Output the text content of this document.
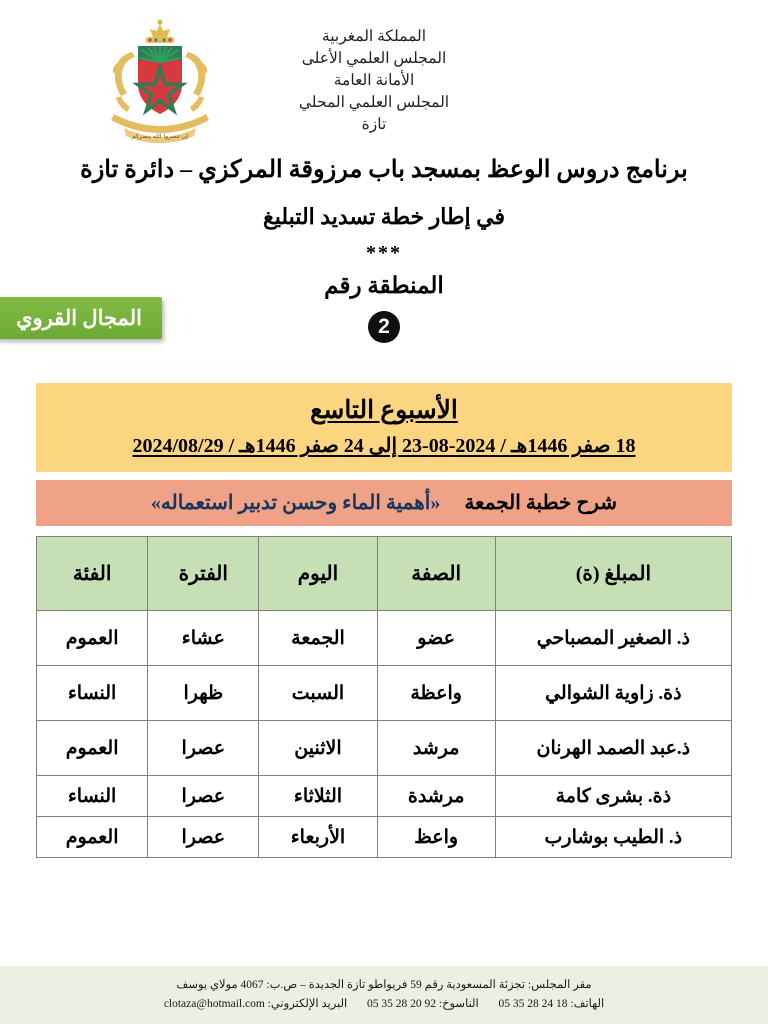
إن تنصروا الله ينصركم
المملكة المغربية
المجلس العلمي الأعلى
الأمانة العامة
المجلس العلمي المحلي
تازة
برنامج دروس الوعظ بمسجد باب مرزوقة المركزي – دائرة تازة
في إطار خطة تسديد التبليغ
***
المنطقة رقم
2
المجال القروي
الأسبوع التاسع
18 صفر 1446هـ / 2024-08-23 إلى 24 صفر 1446هـ / 2024/08/29
شرح خطبة الجمعة  «أهمية الماء وحسن تدبير استعماله»
المبلغ (ة)	الصفة	اليوم	الفترة	الفئة
ذ. الصغير المصباحي	عضو	الجمعة	عشاء	العموم
ذة. زاوية الشوالي	واعظة	السبت	ظهرا	النساء
ذ.عبد الصمد الهرنان	مرشد	الاثنين	عصرا	العموم
ذة. بشرى كامة	مرشدة	الثلاثاء	عصرا	النساء
ذ. الطيب بوشارب	واعظ	الأربعاء	عصرا	العموم
مقر المجلس: تجزئة المسعودية رقم 59 فريواطو تازة الجديدة – ص.ب: 4067 مولاي يوسف
الهاتف: 05 35 28 24 18  الناسوخ: 05 35 28 20 92  البريد الإلكتروني: clotaza@hotmail.com
